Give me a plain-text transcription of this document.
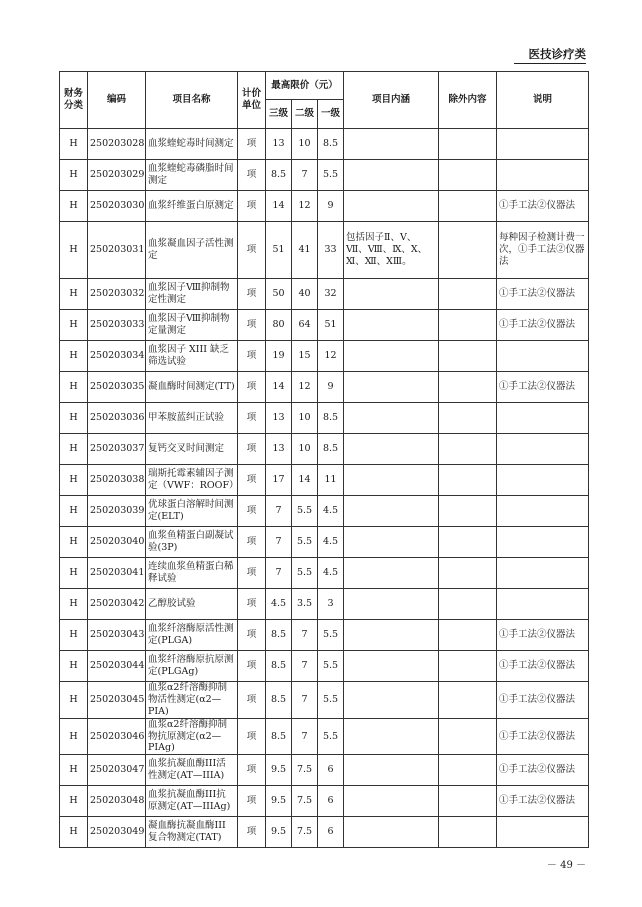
医技诊疗类
财务分类	编码	项目名称	计价单位	最高限价（元）			项目内涵	除外内容	说明
				三级	二级	一级			
H	250203028	血浆蝰蛇毒时间测定	项	13	10	8.5			
H	250203029	血浆蝰蛇毒磷脂时间测定	项	8.5	7	5.5			
H	250203030	血浆纤维蛋白原测定	项	14	12	9			①手工法②仪器法
H	250203031	血浆凝血因子活性测定	项	51	41	33	包括因子Ⅱ、Ⅴ、Ⅶ、Ⅷ、Ⅸ、Ⅹ、Ⅺ、Ⅻ、ⅩⅢ。		每种因子检测计费一次，①手工法②仪器法
H	250203032	血浆因子Ⅷ抑制物定性测定	项	50	40	32			①手工法②仪器法
H	250203033	血浆因子Ⅷ抑制物定量测定	项	80	64	51			①手工法②仪器法
H	250203034	血浆因子 XIII 缺乏筛选试验	项	19	15	12			
H	250203035	凝血酶时间测定(TT)	项	14	12	9			①手工法②仪器法
H	250203036	甲苯胺蓝纠正试验	项	13	10	8.5			
H	250203037	复钙交叉时间测定	项	13	10	8.5			
H	250203038	瑞斯托霉素辅因子测定（VWF：ROOF）	项	17	14	11			
H	250203039	优球蛋白溶解时间测定(ELT)	项	7	5.5	4.5			
H	250203040	血浆鱼精蛋白副凝试验(3P)	项	7	5.5	4.5			
H	250203041	连续血浆鱼精蛋白稀释试验	项	7	5.5	4.5			
H	250203042	乙醇胶试验	项	4.5	3.5	3			
H	250203043	血浆纤溶酶原活性测定(PLGA)	项	8.5	7	5.5			①手工法②仪器法
H	250203044	血浆纤溶酶原抗原测定(PLGAg)	项	8.5	7	5.5			①手工法②仪器法
H	250203045	血浆α2纤溶酶抑制物活性测定(α2—PIA)	项	8.5	7	5.5			①手工法②仪器法
H	250203046	血浆α2纤溶酶抑制物抗原测定(α2—PIAg)	项	8.5	7	5.5			①手工法②仪器法
H	250203047	血浆抗凝血酶III活性测定(AT—IIIA)	项	9.5	7.5	6			①手工法②仪器法
H	250203048	血浆抗凝血酶III抗原测定(AT—IIIAg)	项	9.5	7.5	6			①手工法②仪器法
H	250203049	凝血酶抗凝血酶III复合物测定(TAT)	项	9.5	7.5	6			
－ 49 －
